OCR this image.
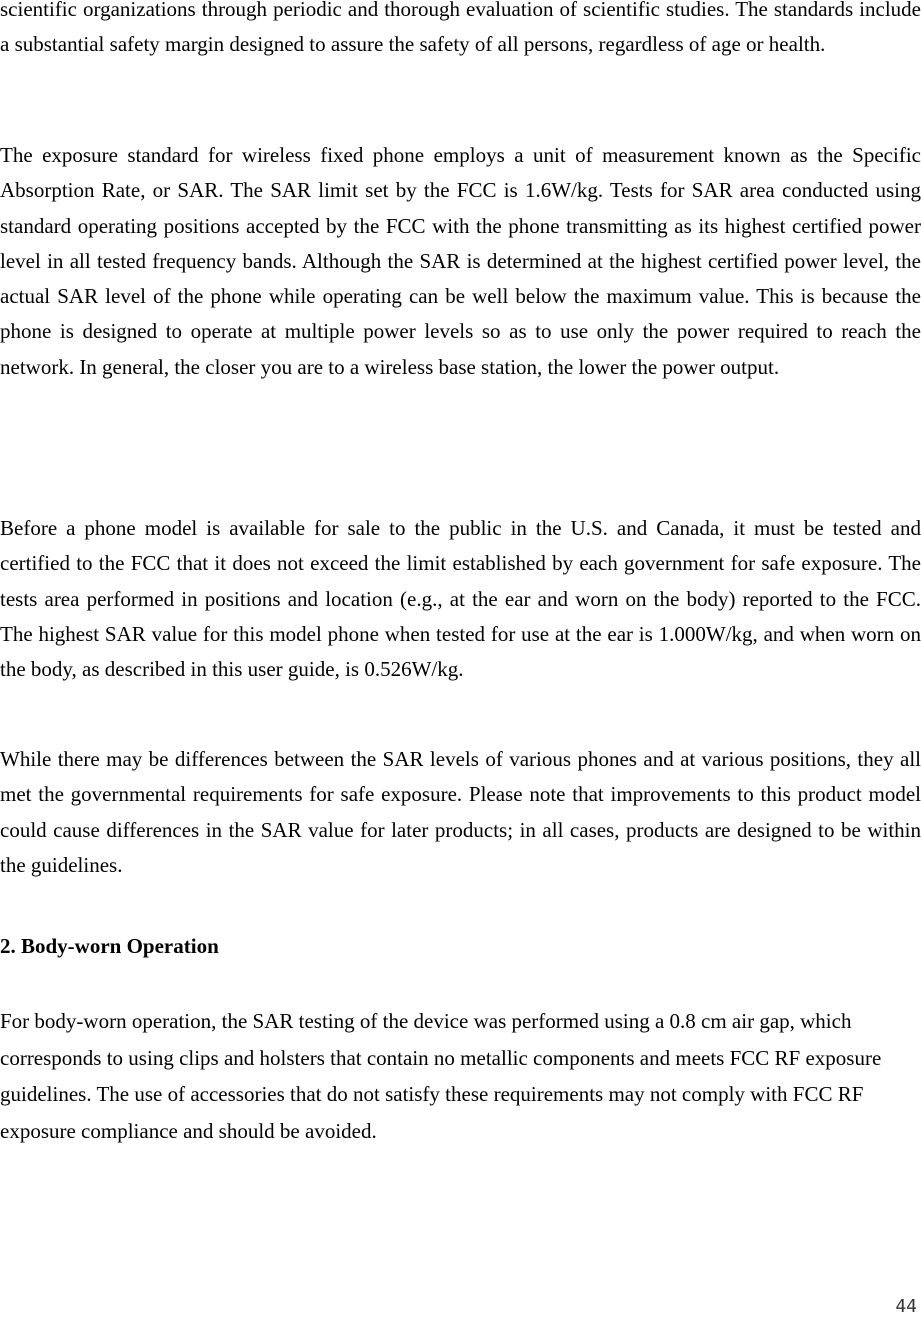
scientific organizations through periodic and thorough evaluation of scientific studies. The standards include a substantial safety margin designed to assure the safety of all persons, regardless of age or health.

The exposure standard for wireless fixed phone employs a unit of measurement known as the Specific Absorption Rate, or SAR. The SAR limit set by the FCC is 1.6W/kg. Tests for SAR area conducted using standard operating positions accepted by the FCC with the phone transmitting as its highest certified power level in all tested frequency bands. Although the SAR is determined at the highest certified power level, the actual SAR level of the phone while operating can be well below the maximum value. This is because the phone is designed to operate at multiple power levels so as to use only the power required to reach the network. In general, the closer you are to a wireless base station, the lower the power output.

Before a phone model is available for sale to the public in the U.S. and Canada, it must be tested and certified to the FCC that it does not exceed the limit established by each government for safe exposure. The tests area performed in positions and location (e.g., at the ear and worn on the body) reported to the FCC. The highest SAR value for this model phone when tested for use at the ear is 1.000W/kg, and when worn on the body, as described in this user guide, is 0.526W/kg.

While there may be differences between the SAR levels of various phones and at various positions, they all met the governmental requirements for safe exposure. Please note that improvements to this product model could cause differences in the SAR value for later products; in all cases, products are designed to be within the guidelines.

2. Body-worn Operation

For body-worn operation, the SAR testing of the device was performed using a 0.8 cm air gap, which corresponds to using clips and holsters that contain no metallic components and meets FCC RF exposure guidelines. The use of accessories that do not satisfy these requirements may not comply with FCC RF exposure compliance and should be avoided.

44
